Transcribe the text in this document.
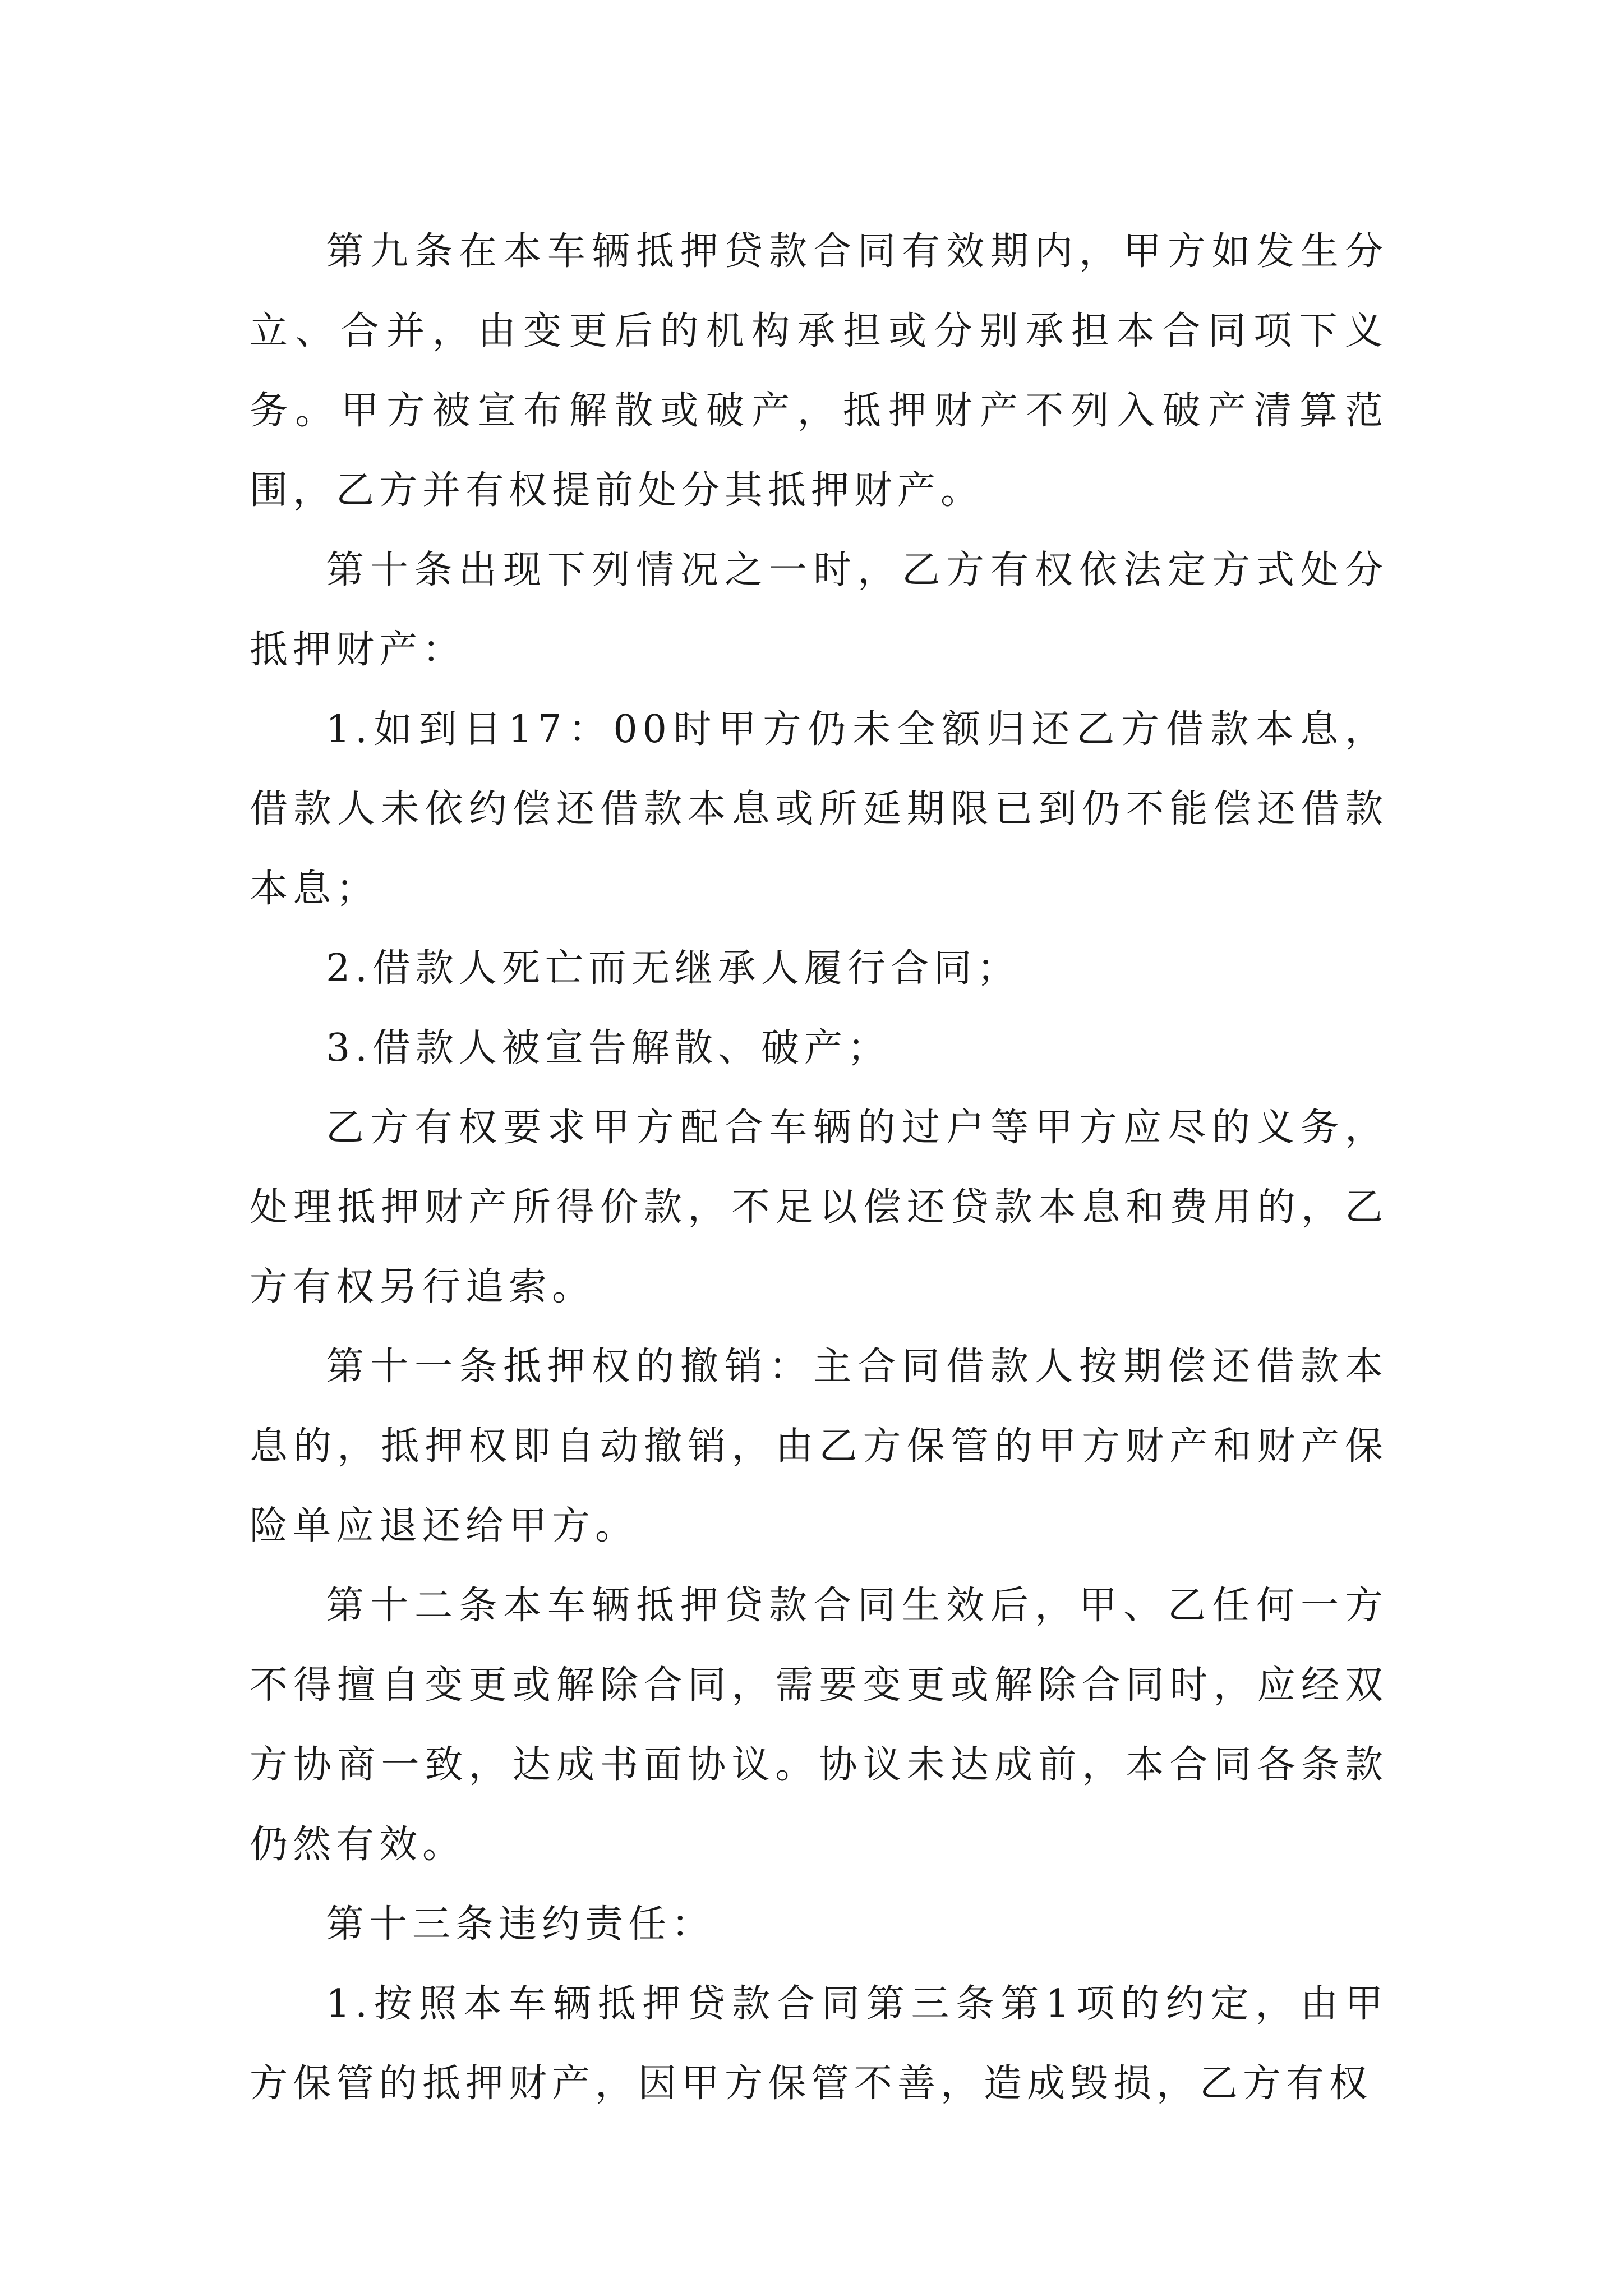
第九条在本车辆抵押贷款合同有效期内，甲方如发生分立、合并，由变更后的机构承担或分别承担本合同项下义务。甲方被宣布解散或破产，抵押财产不列入破产清算范围，乙方并有权提前处分其抵押财产。

第十条出现下列情况之一时，乙方有权依法定方式处分抵押财产：

1.如到日17：00时甲方仍未全额归还乙方借款本息，借款人未依约偿还借款本息或所延期限已到仍不能偿还借款本息；

2.借款人死亡而无继承人履行合同；

3.借款人被宣告解散、破产；

乙方有权要求甲方配合车辆的过户等甲方应尽的义务，处理抵押财产所得价款，不足以偿还贷款本息和费用的，乙方有权另行追索。

第十一条抵押权的撤销：主合同借款人按期偿还借款本息的，抵押权即自动撤销，由乙方保管的甲方财产和财产保险单应退还给甲方。

第十二条本车辆抵押贷款合同生效后，甲、乙任何一方不得擅自变更或解除合同，需要变更或解除合同时，应经双方协商一致，达成书面协议。协议未达成前，本合同各条款仍然有效。

第十三条违约责任：

1.按照本车辆抵押贷款合同第三条第1项的约定，由甲方保管的抵押财产，因甲方保管不善，造成毁损，乙方有权
